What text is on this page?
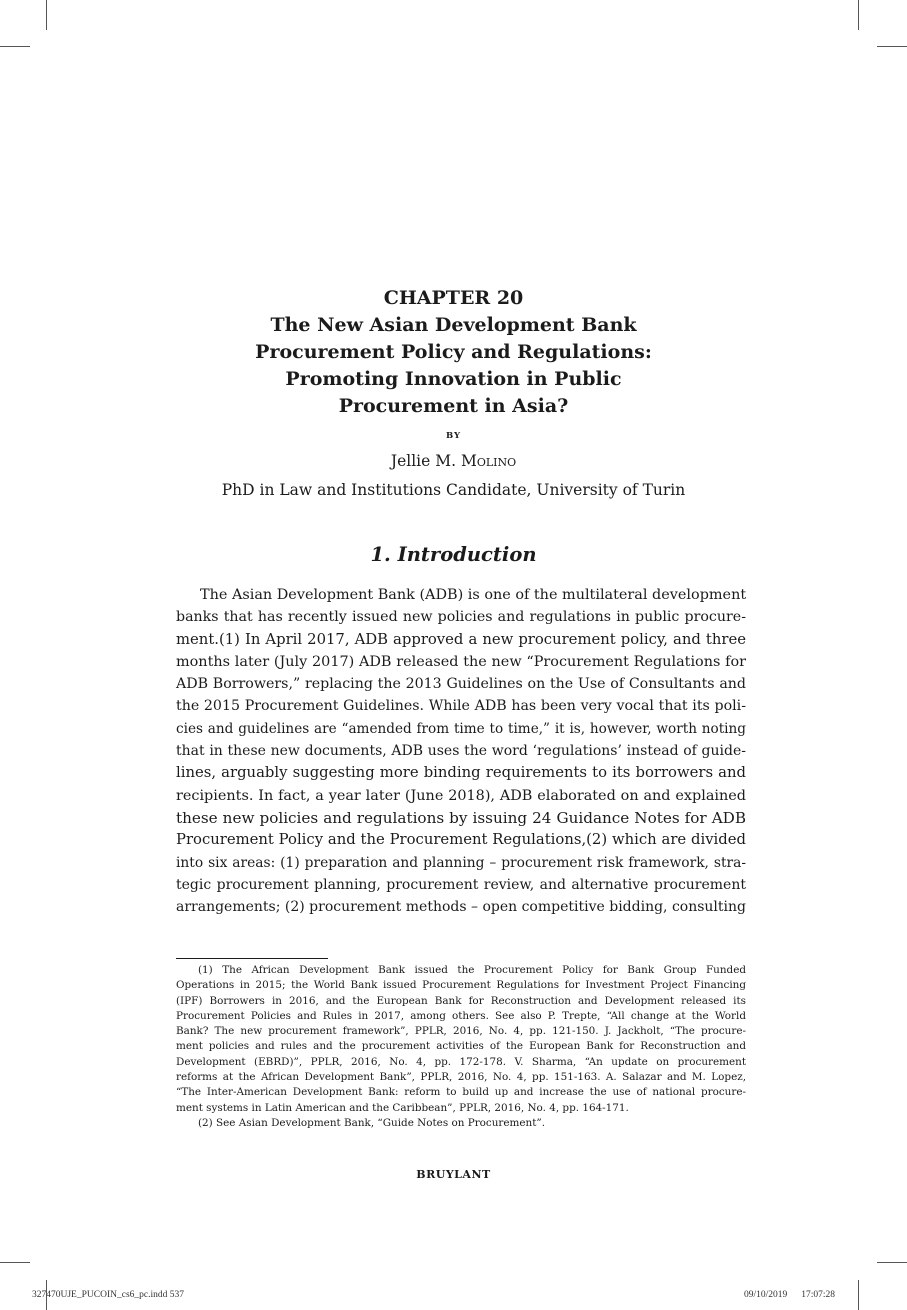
CHAPTER 20
The New Asian Development Bank
Procurement Policy and Regulations:
Promoting Innovation in Public
Procurement in Asia?
BY
Jellie M. Molino
PhD in Law and Institutions Candidate, University of Turin
1. Introduction
The Asian Development Bank (ADB) is one of the multilateral development
banks that has recently issued new policies and regulations in public procure-
ment.(1) In April 2017, ADB approved a new procurement policy, and three
months later (July 2017) ADB released the new “Procurement Regulations for
ADB Borrowers,” replacing the 2013 Guidelines on the Use of Consultants and
the 2015 Procurement Guidelines. While ADB has been very vocal that its poli-
cies and guidelines are “amended from time to time,” it is, however, worth noting
that in these new documents, ADB uses the word ‘regulations’ instead of guide-
lines, arguably suggesting more binding requirements to its borrowers and
recipients. In fact, a year later (June 2018), ADB elaborated on and explained
these new policies and regulations by issuing 24 Guidance Notes for ADB
Procurement Policy and the Procurement Regulations,(2) which are divided
into six areas: (1) preparation and planning – procurement risk framework, stra-
tegic procurement planning, procurement review, and alternative procurement
arrangements; (2) procurement methods – open competitive bidding, consulting
(1) The African Development Bank issued the Procurement Policy for Bank Group Funded
Operations in 2015; the World Bank issued Procurement Regulations for Investment Project Financing
(IPF) Borrowers in 2016, and the European Bank for Reconstruction and Development released its
Procurement Policies and Rules in 2017, among others. See also P. Trepte, “All change at the World
Bank? The new procurement framework”, PPLR, 2016, No. 4, pp. 121-150. J. Jackholt, “The procure-
ment policies and rules and the procurement activities of the European Bank for Reconstruction and
Development (EBRD)”, PPLR, 2016, No. 4, pp. 172-178. V. Sharma, “An update on procurement
reforms at the African Development Bank”, PPLR, 2016, No. 4, pp. 151-163. A. Salazar and M. Lopez,
“The Inter-American Development Bank: reform to build up and increase the use of national procure-
ment systems in Latin American and the Caribbean”, PPLR, 2016, No. 4, pp. 164-171.
(2) See Asian Development Bank, “Guide Notes on Procurement”.
BRUYLANT
327470UJE_PUCOIN_cs6_pc.indd 537	09/10/2019 17:07:28
